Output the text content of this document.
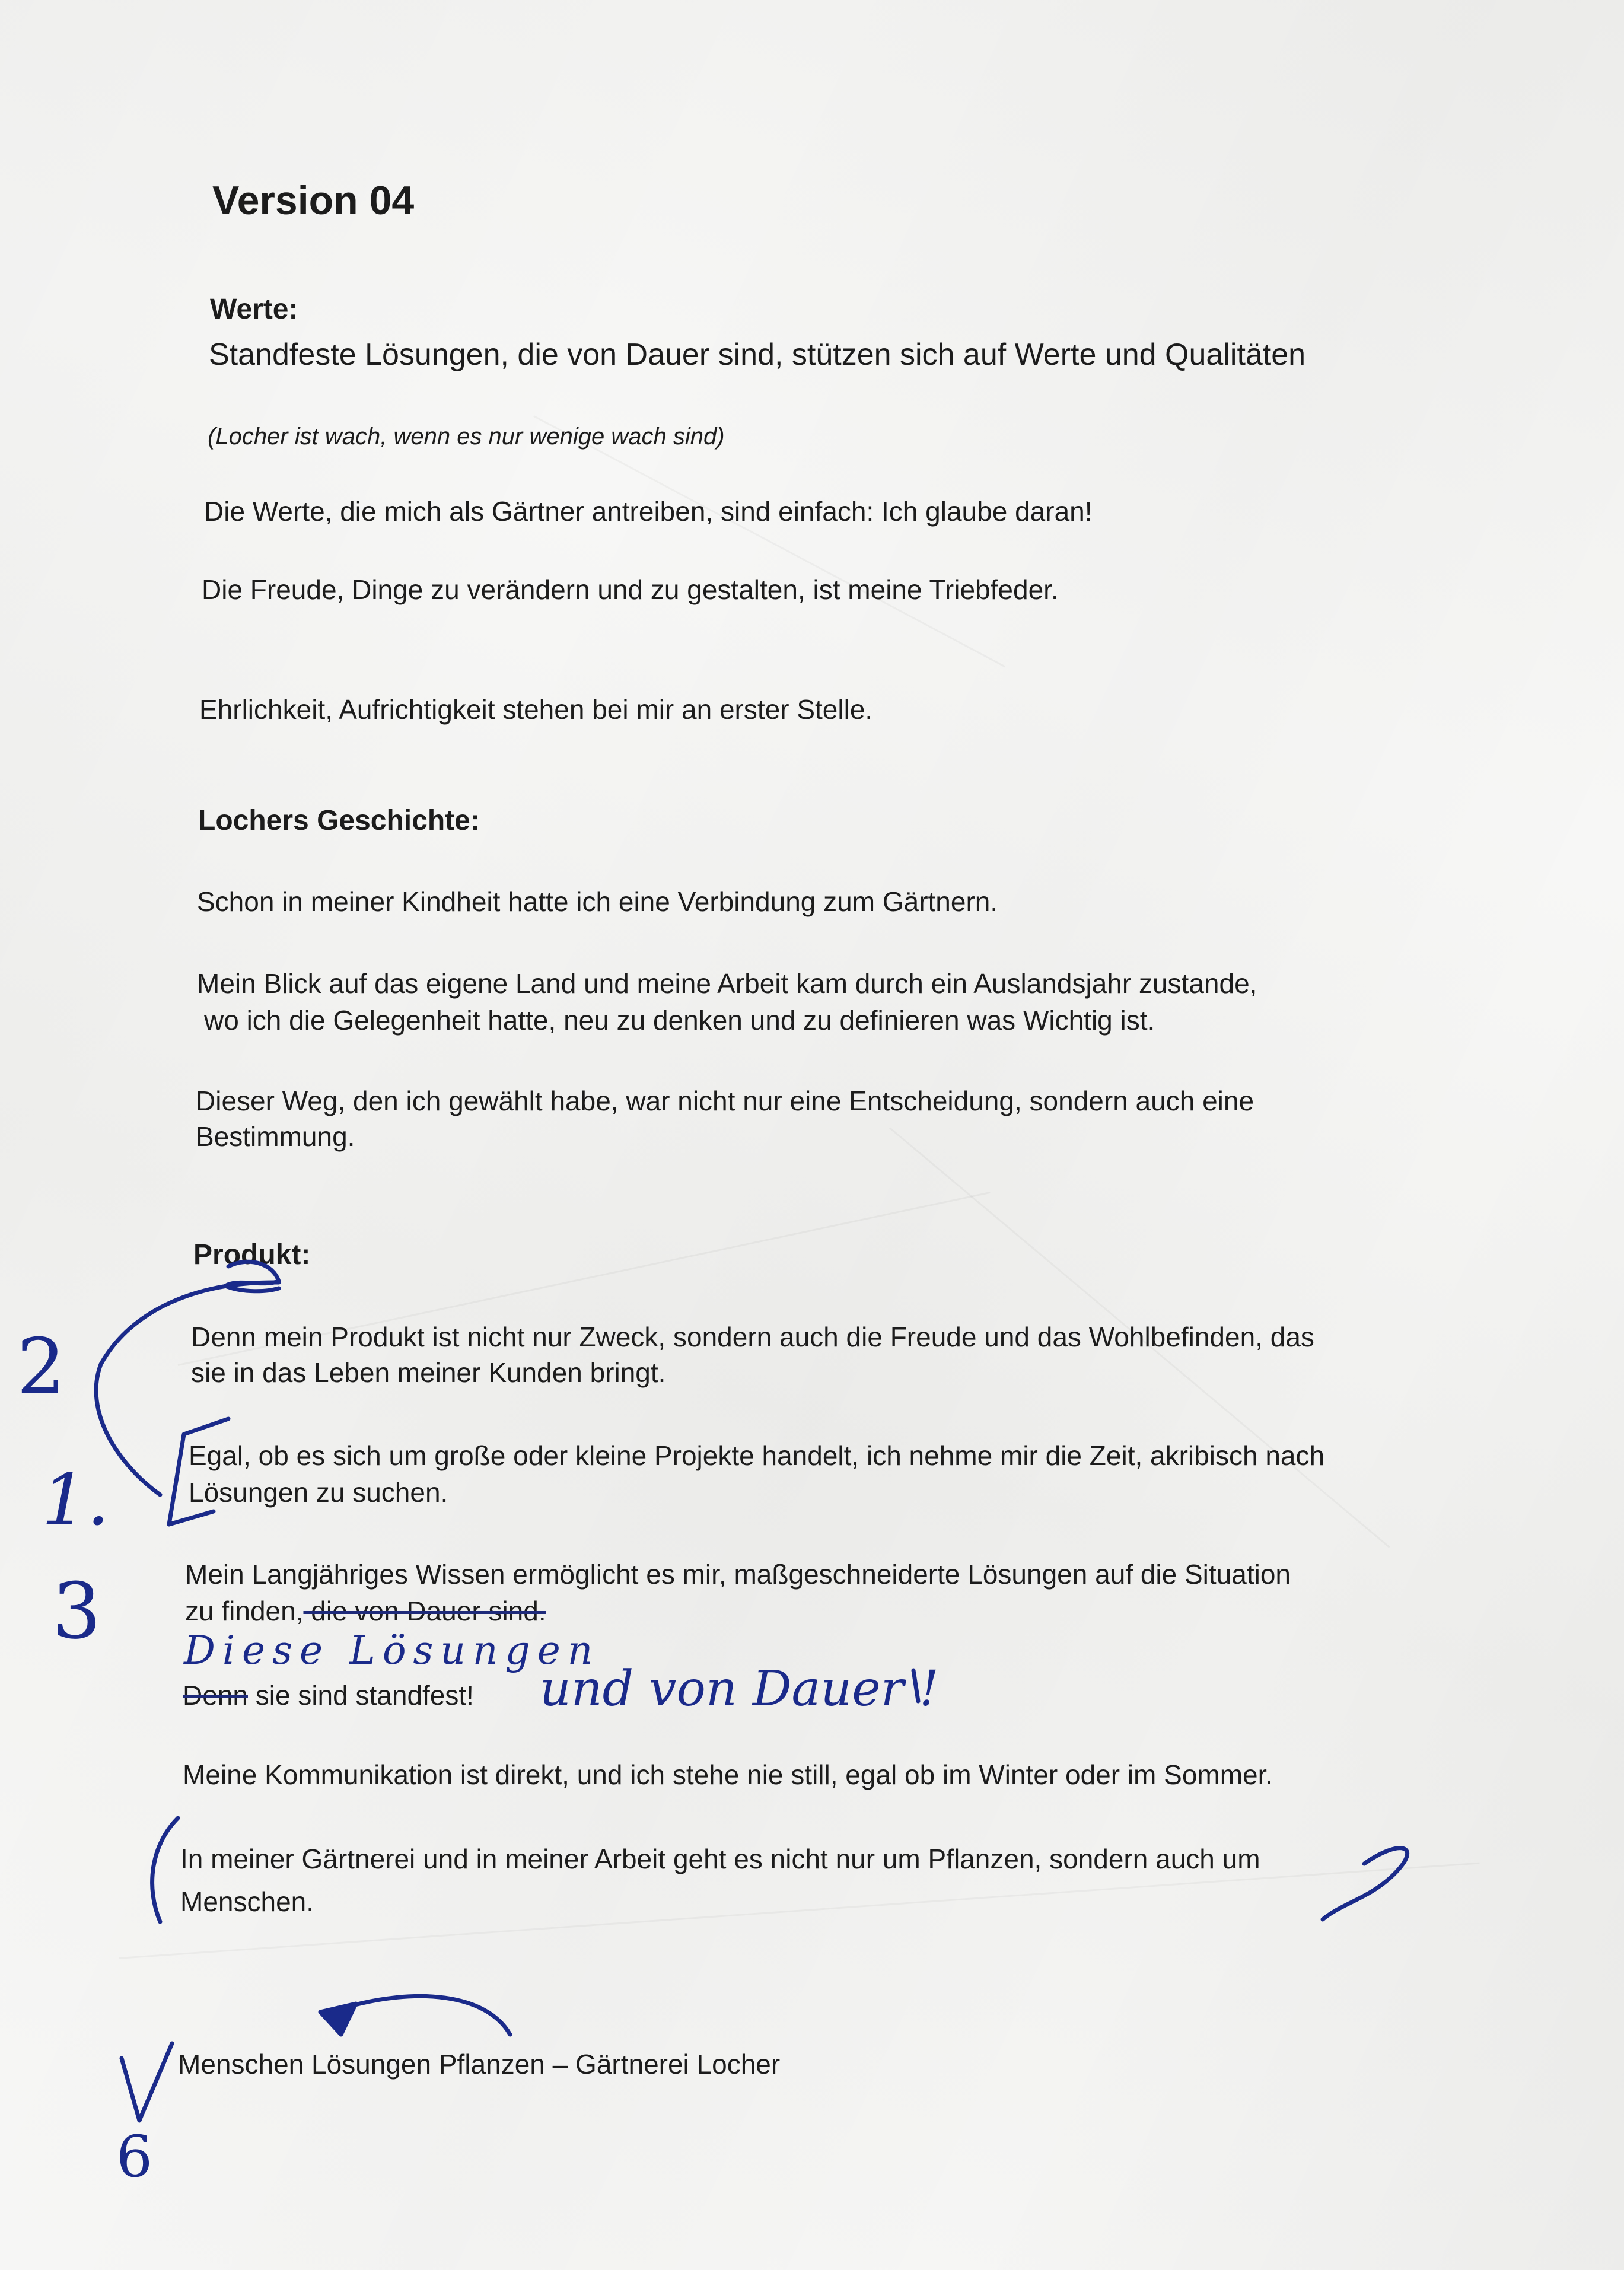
Version 04
Werte:
Standfeste Lösungen, die von Dauer sind, stützen sich auf Werte und Qualitäten
(Locher ist wach, wenn es nur wenige wach sind)
Die Werte, die mich als Gärtner antreiben, sind einfach: Ich glaube daran!
Die Freude, Dinge zu verändern und zu gestalten, ist meine Triebfeder.
Ehrlichkeit, Aufrichtigkeit stehen bei mir an erster Stelle.
Lochers Geschichte:
Schon in meiner Kindheit hatte ich eine Verbindung zum Gärtnern.
Mein Blick auf das eigene Land und meine Arbeit kam durch ein Auslandsjahr zustande,
wo ich die Gelegenheit hatte, neu zu denken und zu definieren was Wichtig ist.
Dieser Weg, den ich gewählt habe, war nicht nur eine Entscheidung, sondern auch eine
Bestimmung.
Produkt:
Denn mein Produkt ist nicht nur Zweck, sondern auch die Freude und das Wohlbefinden, das
sie in das Leben meiner Kunden bringt.
Egal, ob es sich um große oder kleine Projekte handelt, ich nehme mir die Zeit, akribisch nach
Lösungen zu suchen.
Mein Langjähriges Wissen ermöglicht es mir, maßgeschneiderte Lösungen auf die Situation
zu finden, die von Dauer sind.
Denn sie sind standfest!
Meine Kommunikation ist direkt, und ich stehe nie still, egal ob im Winter oder im Sommer.
In meiner Gärtnerei und in meiner Arbeit geht es nicht nur um Pflanzen, sondern auch um
Menschen.
Menschen Lösungen Pflanzen – Gärtnerei Locher
Diese Lösungen
und von Dauer !
2
1.
3
6
